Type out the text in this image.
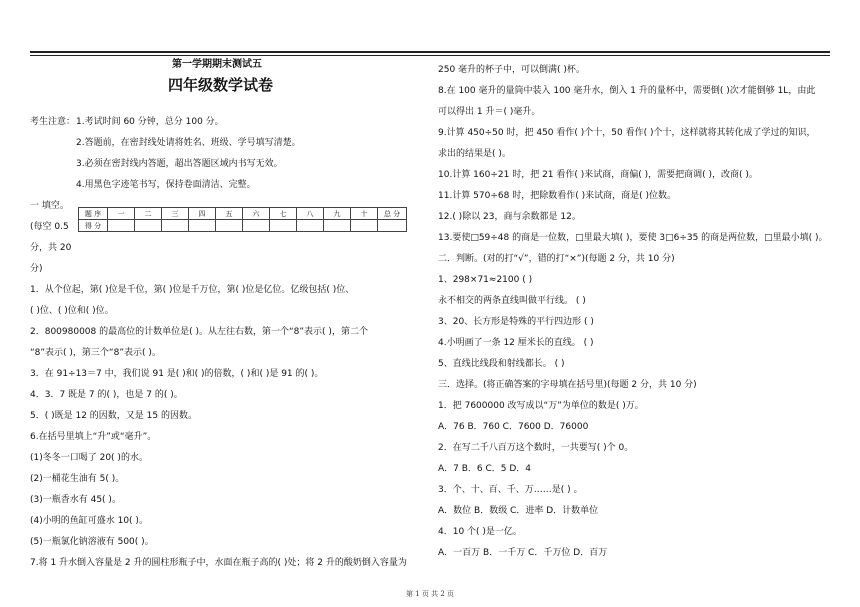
第一学期期末测试五
四年级数学试卷
考生注意： 1.考试时间 60 分钟，总分 100 分。
2.答题前，在密封线处请将姓名、班级、学号填写清楚。
3.必须在密封线内答题，超出答题区域内书写无效。
4.用黑色字迹笔书写，保持卷面清洁、完整。
一 填空。
(每空 0.5
分，共 20
分)
题 序	一	二	三	四	五	六	七	八	九	十	总 分
得 分											
1．从个位起，第( )位是千位，第( )位是千万位，第( )位是亿位。亿级包括( )位、
( )位、( )位和( )位。
2．800980008 的最高位的计数单位是( )。从左往右数，第一个“8”表示( )，第二个
“8”表示( )，第三个“8”表示( )。
3．在 91÷13＝7 中，我们说 91 是( )和( )的倍数，( )和( )是 91 的( )。
4．3．7 既是 7 的( )，也是 7 的( )。
5．( )既是 12 的因数，又是 15 的因数。
6.在括号里填上“升”或“毫升”。
(1)冬冬一口喝了 20( )的水。
(2)一桶花生油有 5( )。
(3)一瓶香水有 45( )。
(4)小明的鱼缸可盛水 10( )。
(5)一瓶氯化钠溶液有 500( )。
7.将 1 升水倒入容量是 2 升的圆柱形瓶子中，水面在瓶子高的( )处；将 2 升的酸奶倒入容量为
250 毫升的杯子中，可以倒满( )杯。
8.在 100 毫升的量筒中装入 100 毫升水，倒入 1 升的量杯中，需要倒( )次才能倒够 1L，由此
可以得出 1 升＝( )毫升。
9.计算 450÷50 时，把 450 看作( )个十，50 看作( )个十，这样就将其转化成了学过的知识，
求出的结果是( )。
10.计算 160÷21 时，把 21 看作( )来试商，商偏( )，需要把商调( )，改商( )。
11.计算 570÷68 时，把除数看作( )来试商，商是( )位数。
12.( )除以 23，商与余数都是 12。
13.要使□59÷48 的商是一位数，□里最大填( )，要使 3□6÷35 的商是两位数，□里最小填( )。
二．判断。(对的打“√”，错的打“×”)(每题 2 分，共 10 分)
1、298×71≈2100 ( )
永不相交的两条直线叫做平行线。 ( )
3、20、长方形是特殊的平行四边形 ( )
4.小明画了一条 12 厘米长的直线。 ( )
5、直线比线段和射线都长。 ( )
三．选择。(将正确答案的字母填在括号里)(每题 2 分，共 10 分)
1．把 7600000 改写成以“万”为单位的数是( )万。
A．76 B．760 C．7600 D．76000
2．在写二千八百万这个数时，一共要写( )个 0。
A．7 B．6 C．5 D．4
3．个、十、百、千、万……是( ) 。
A．数位 B．数级 C．进率 D．计数单位
4．10 个( )是一亿。
A．一百万 B．一千万 C．千万位 D．百万
第 1 页 共 2 页
